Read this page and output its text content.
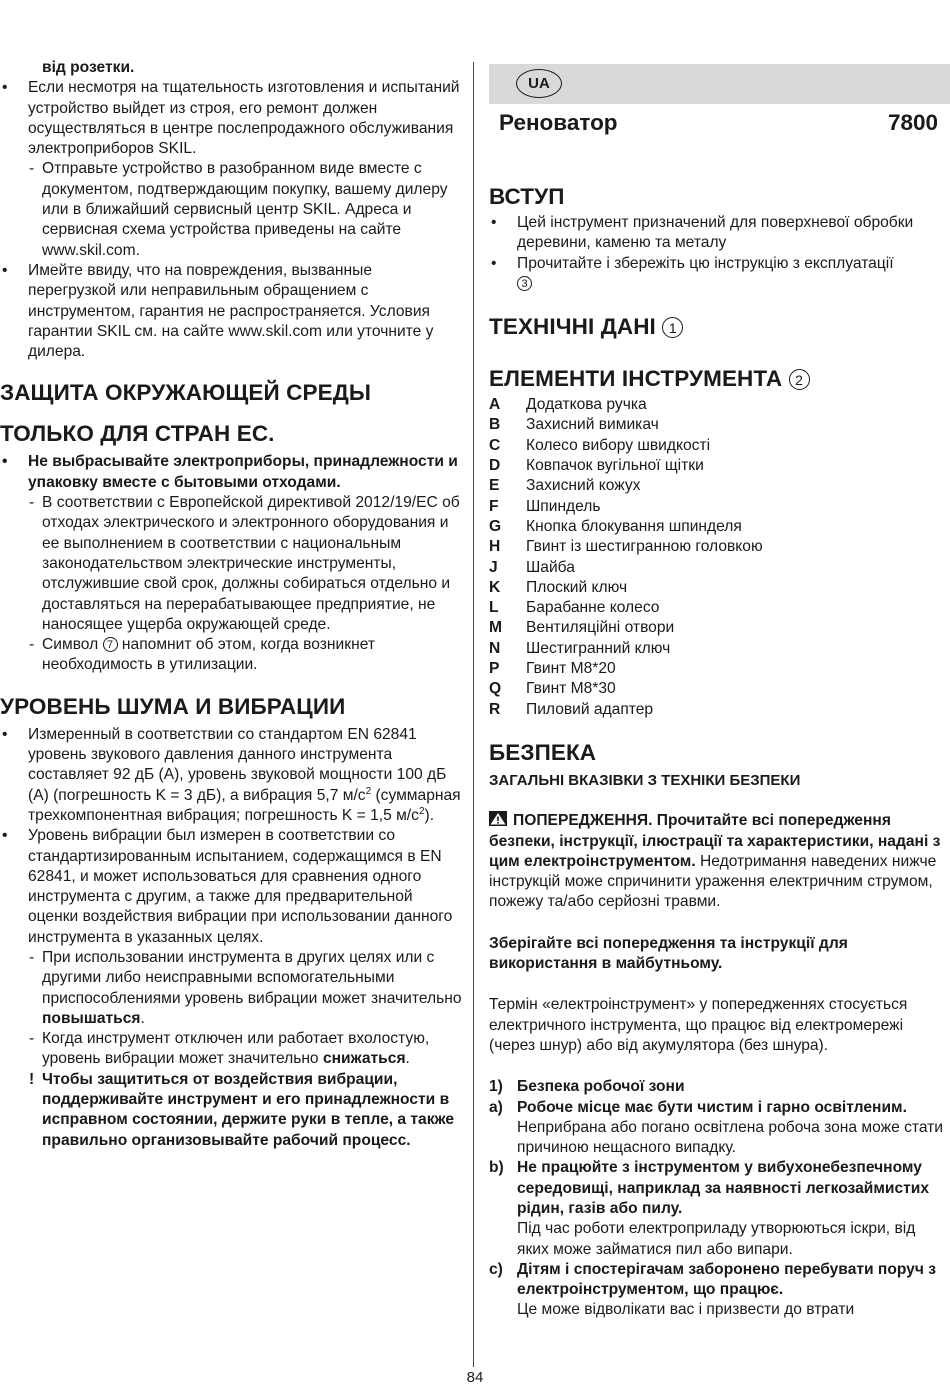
від розетки.

• Если несмотря на тщательность изготовления и испытаний устройство выйдет из строя, его ремонт должен осуществляться в центре послепродажного обслуживания электроприборов SKIL.

- Отправьте устройство в разобранном виде вместе с документом, подтверждающим покупку, вашему дилеру или в ближайший сервисный центр SKIL. Адреса и сервисная схема устройства приведены на сайте www.skil.com.

• Имейте ввиду, что на повреждения, вызванные перегрузкой или неправильным обращением с инструментом, гарантия не распространяется. Условия гарантии SKIL см. на сайте www.skil.com или уточните у дилера.

ЗАЩИТА ОКРУЖАЮЩЕЙ СРЕДЫ
ТОЛЬКО ДЛЯ СТРАН ЕС.

• Не выбрасывайте электроприборы, принадлежности и упаковку вместе с бытовыми отходами.

- В соответствии с Европейской директивой 2012/19/ЕС об отходах электрического и электронного оборудования и ее выполнением в соответствии с национальным законодательством электрические инструменты, отслужившие свой срок, должны собираться отдельно и доставляться на перерабатывающее предприятие, не наносящее ущерба окружающей среде.

- Символ 7 напомнит об этом, когда возникнет необходимость в утилизации.

УРОВЕНЬ ШУМА И ВИБРАЦИИ

• Измеренный в соответствии со стандартом EN 62841 уровень звукового давления данного инструмента составляет 92 дБ (A), уровень звуковой мощности 100 дБ (A) (погрешность K = 3 дБ), а вибрация 5,7 $м/с^2$ (суммарная трехкомпонентная вибрация; погрешность K = 1,5 $м/с^2$).

• Уровень вибрации был измерен в соответствии со стандартизированным испытанием, содержащимся в EN 62841, и может использоваться для сравнения одного инструмента с другим, а также для предварительной оценки воздействия вибрации при использовании данного инструмента в указанных целях.

- При использовании инструмента в других целях или с другими либо неисправными вспомогательными приспособлениями уровень вибрации может значительно повышаться.

- Когда инструмент отключен или работает вхолостую, уровень вибрации может значительно снижаться.

! Чтобы защититься от воздействия вибрации, поддерживайте инструмент и его принадлежности в исправном состоянии, держите руки в тепле, а также правильно организовывайте рабочий процесс.

UA
Реноватор	7800
ВСТУП

• Цей інструмент призначений для поверхневої обробки деревини, каменю та металу

• Прочитайте і збережіть цю інструкцію з експлуатації
3

ТЕХНІЧНІ ДАНІ 1
ЕЛЕМЕНТИ ІНСТРУМЕНТА 2
A	Додаткова ручка
B	Захисний вимикач
C	Колесо вибору швидкості
D	Ковпачок вугільної щітки
E	Захисний кожух
F	Шпиндель
G	Кнопка блокування шпинделя
H	Гвинт із шестигранною головкою
J	Шайба
K	Плоский ключ
L	Барабанне колесо
M	Вентиляційні отвори
N	Шестигранний ключ
P	Гвинт M8*20
Q	Гвинт M8*30
R	Пиловий адаптер
БЕЗПЕКА

ЗАГАЛЬНІ ВКАЗІВКИ З ТЕХНІКИ БЕЗПЕКИ

ПОПЕРЕДЖЕННЯ. Прочитайте всі попередження безпеки, інструкції, ілюстрації та характеристики, надані з цим електроінструментом. Недотримання наведених нижче інструкцій може спричинити ураження електричним струмом, пожежу та/або серйозні травми.

Зберігайте всі попередження та інструкції для використання в майбутньому.

Термін «електроінструмент» у попередженнях стосується електричного інструмента, що працює від електромережі (через шнур) або від акумулятора (без шнура).

1) Безпека робочої зони

a) Робоче місце має бути чистим і гарно освітленим.
Неприбрана або погано освітлена робоча зона може стати причиною нещасного випадку.

b) Не працюйте з інструментом у вибухонебезпечному середовищі, наприклад за наявності легкозаймистих рідин, газів або пилу.
Під час роботи електроприладу утворюються іскри, від яких може займатися пил або випари.

c) Дітям і спостерігачам заборонено перебувати поруч з електроінструментом, що працює.
Це може відволікати вас і призвести до втрати

84
